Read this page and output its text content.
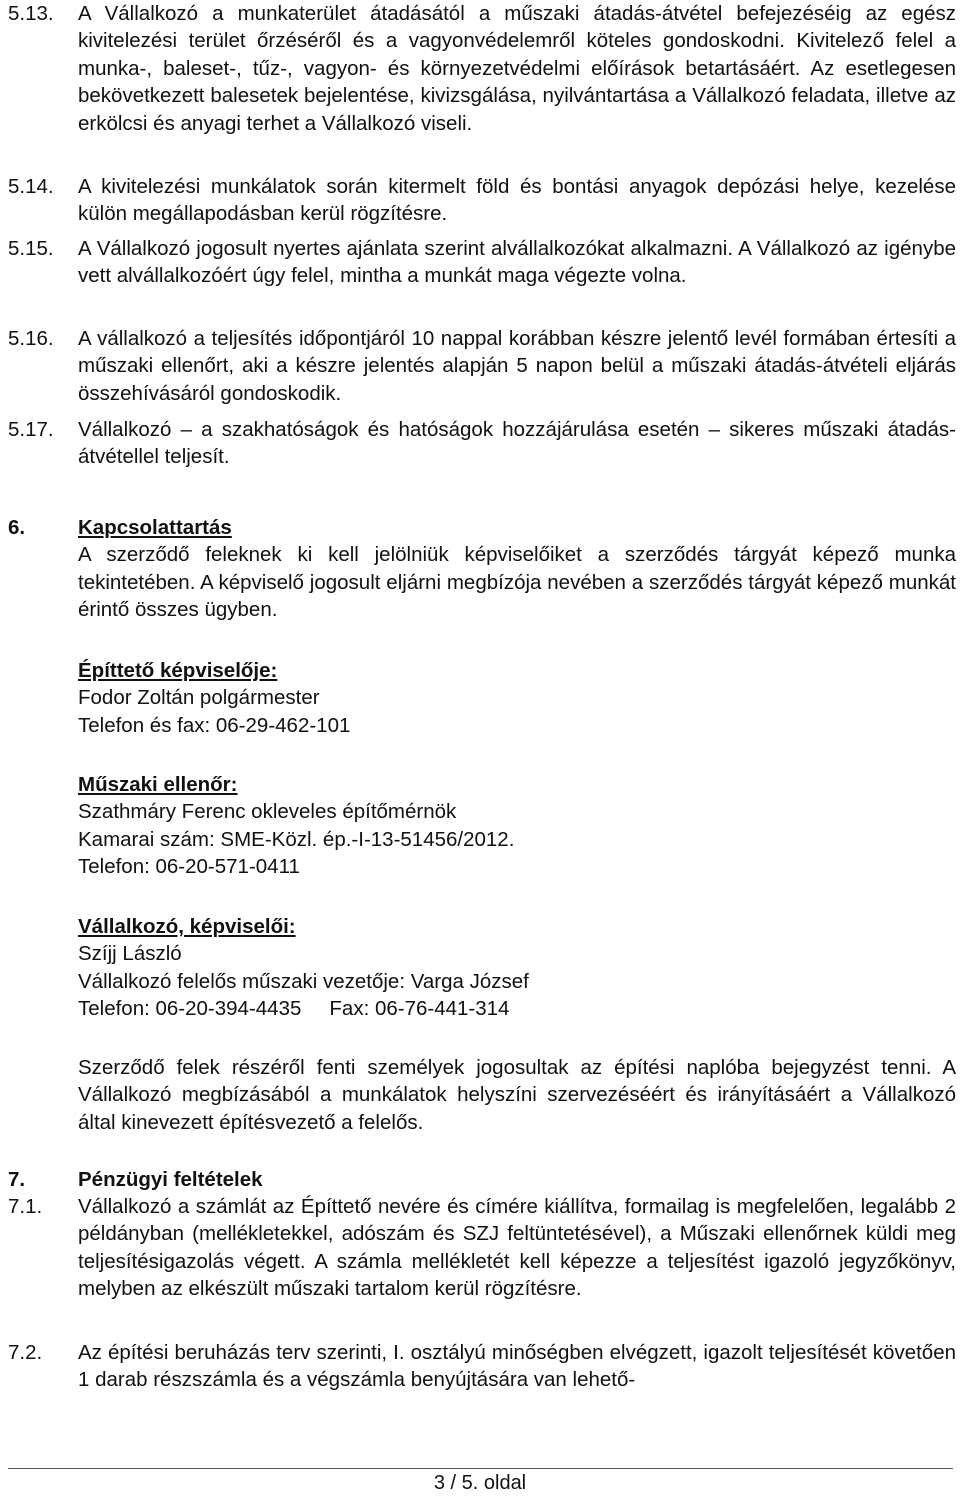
5.13. A Vállalkozó a munkaterület átadásától a műszaki átadás-átvétel befejezéséig az egész kivitelezési terület őrzéséről és a vagyonvédelemről köteles gondoskodni. Kivitelező felel a munka-, baleset-, tűz-, vagyon- és környezetvédelmi előírások betartásáért. Az esetlegesen bekövetkezett balesetek bejelentése, kivizsgálása, nyilvántartása a Vállalkozó feladata, illetve az erkölcsi és anyagi terhet a Vállalkozó viseli.
5.14. A kivitelezési munkálatok során kitermelt föld és bontási anyagok depózási helye, kezelése külön megállapodásban kerül rögzítésre.
5.15. A Vállalkozó jogosult nyertes ajánlata szerint alvállalkozókat alkalmazni. A Vállalkozó az igénybe vett alvállalkozóért úgy felel, mintha a munkát maga végezte volna.
5.16. A vállalkozó a teljesítés időpontjáról 10 nappal korábban készre jelentő levél formában értesíti a műszaki ellenőrt, aki a készre jelentés alapján 5 napon belül a műszaki átadás-átvételi eljárás összehívásáról gondoskodik.
5.17. Vállalkozó – a szakhatóságok és hatóságok hozzájárulása esetén – sikeres műszaki átadás-átvétellel teljesít.
6.	Kapcsolattartás
A szerződő feleknek ki kell jelölniük képviselőiket a szerződés tárgyát képező munka tekintetében. A képviselő jogosult eljárni megbízója nevében a szerződés tárgyát képező munkát érintő összes ügyben.
Építtető képviselője:
Fodor Zoltán polgármester
Telefon és fax: 06-29-462-101
Műszaki ellenőr:
Szathmáry Ferenc okleveles építőmérnök
Kamarai szám: SME-Közl. ép.-I-13-51456/2012.
Telefon: 06-20-571-0411
Vállalkozó, képviselői:
Szíjj László
Vállalkozó felelős műszaki vezetője: Varga József
Telefon: 06-20-394-4435 Fax: 06-76-441-314
Szerződő felek részéről fenti személyek jogosultak az építési naplóba bejegyzést tenni. A Vállalkozó megbízásából a munkálatok helyszíni szervezéséért és irányításáért a Vállalkozó által kinevezett építésvezető a felelős.
7.	Pénzügyi feltételek
7.1. Vállalkozó a számlát az Építtető nevére és címére kiállítva, formailag is megfelelően, legalább 2 példányban (mellékletekkel, adószám és SZJ feltüntetésével), a Műszaki ellenőrnek küldi meg teljesítésigazolás végett. A számla mellékletét kell képezze a teljesítést igazoló jegyzőkönyv, melyben az elkészült műszaki tartalom kerül rögzítésre.
7.2. Az építési beruházás terv szerinti, I. osztályú minőségben elvégzett, igazolt teljesítését követően 1 darab részszámla és a végszámla benyújtására van lehető-
3 / 5. oldal
